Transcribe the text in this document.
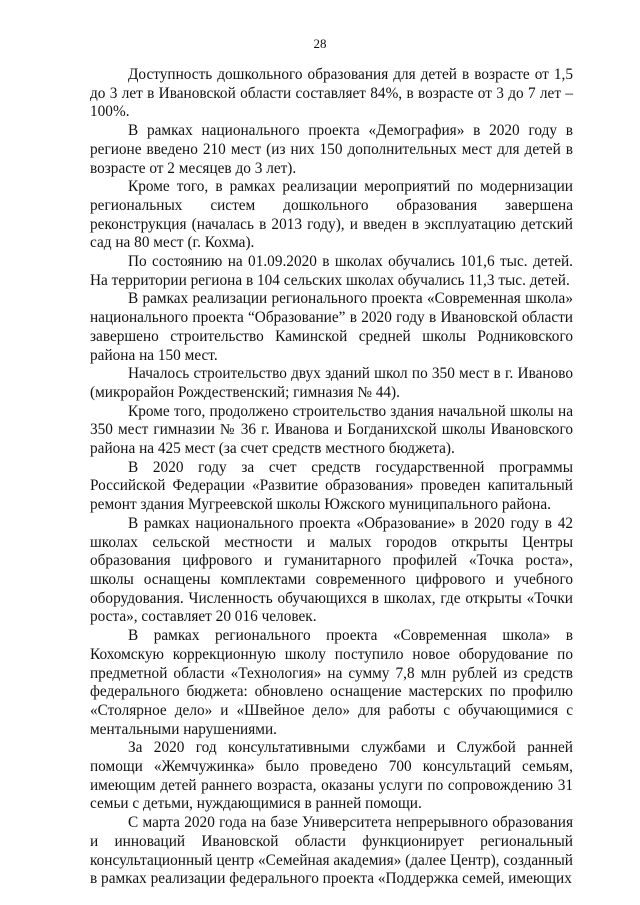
28

Доступность дошкольного образования для детей в возрасте от 1,5 до 3 лет в Ивановской области составляет 84%, в возрасте от 3 до 7 лет – 100%.

В рамках национального проекта «Демография» в 2020 году в регионе введено 210 мест (из них 150 дополнительных мест для детей в возрасте от 2 месяцев до 3 лет).

Кроме того, в рамках реализации мероприятий по модернизации региональных систем дошкольного образования завершена реконструкция (началась в 2013 году), и введен в эксплуатацию детский сад на 80 мест (г. Кохма).

По состоянию на 01.09.2020 в школах обучались 101,6 тыс. детей. На территории региона в 104 сельских школах обучались 11,3 тыс. детей.

В рамках реализации регионального проекта «Современная школа» национального проекта “Образование” в 2020 году в Ивановской области завершено строительство Каминской средней школы Родниковского района на 150 мест.

Началось строительство двух зданий школ по 350 мест в г. Иваново (микрорайон Рождественский; гимназия № 44).

Кроме того, продолжено строительство здания начальной школы на 350 мест гимназии № 36 г. Иванова и Богданихской школы Ивановского района на 425 мест (за счет средств местного бюджета).

В 2020 году за счет средств государственной программы Российской Федерации «Развитие образования» проведен капитальный ремонт здания Мугреевской школы Южского муниципального района.

В рамках национального проекта «Образование» в 2020 году в 42 школах сельской местности и малых городов открыты Центры образования цифрового и гуманитарного профилей «Точка роста», школы оснащены комплектами современного цифрового и учебного оборудования. Численность обучающихся в школах, где открыты «Точки роста», составляет 20 016 человек.

В рамках регионального проекта «Современная школа» в Кохомскую коррекционную школу поступило новое оборудование по предметной области «Технология» на сумму 7,8 млн рублей из средств федерального бюджета: обновлено оснащение мастерских по профилю «Столярное дело» и «Швейное дело» для работы с обучающимися с ментальными нарушениями.

За 2020 год консультативными службами и Службой ранней помощи «Жемчужинка» было проведено 700 консультаций семьям, имеющим детей раннего возраста, оказаны услуги по сопровождению 31 семьи с детьми, нуждающимися в ранней помощи.

С марта 2020 года на базе Университета непрерывного образования и инноваций Ивановской области функционирует региональный консультационный центр «Семейная академия» (далее Центр), созданный в рамках реализации федерального проекта «Поддержка семей, имеющих
